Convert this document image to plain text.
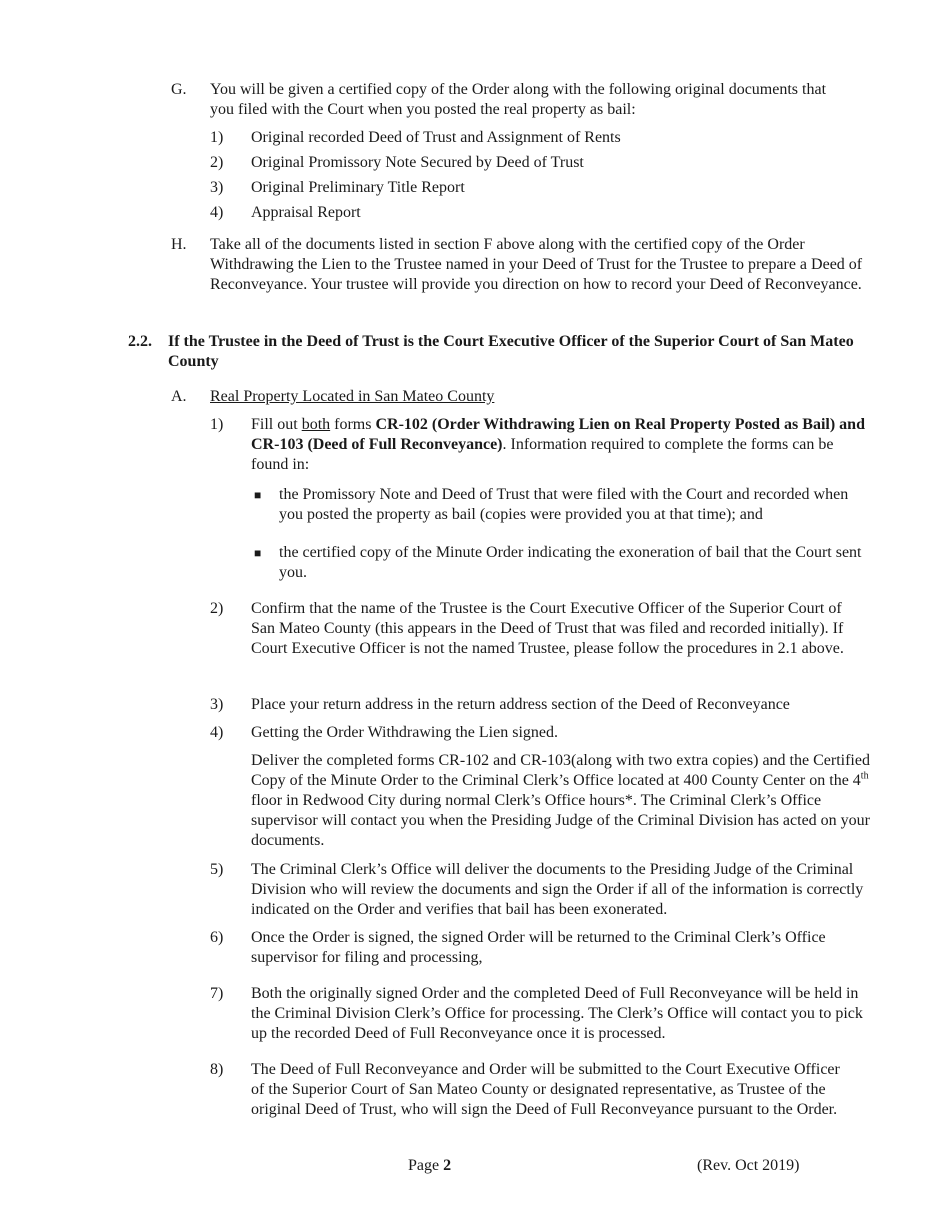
G. You will be given a certified copy of the Order along with the following original documents that you filed with the Court when you posted the real property as bail:
1) Original recorded Deed of Trust and Assignment of Rents
2) Original Promissory Note Secured by Deed of Trust
3) Original Preliminary Title Report
4) Appraisal Report
H. Take all of the documents listed in section F above along with the certified copy of the Order Withdrawing the Lien to the Trustee named in your Deed of Trust for the Trustee to prepare a Deed of Reconveyance. Your trustee will provide you direction on how to record your Deed of Reconveyance.
2.2. If the Trustee in the Deed of Trust is the Court Executive Officer of the Superior Court of San Mateo County
A. Real Property Located in San Mateo County
1) Fill out both forms CR-102 (Order Withdrawing Lien on Real Property Posted as Bail) and CR-103 (Deed of Full Reconveyance). Information required to complete the forms can be found in:
■ the Promissory Note and Deed of Trust that were filed with the Court and recorded when you posted the property as bail (copies were provided you at that time); and
■ the certified copy of the Minute Order indicating the exoneration of bail that the Court sent you.
2) Confirm that the name of the Trustee is the Court Executive Officer of the Superior Court of San Mateo County (this appears in the Deed of Trust that was filed and recorded initially). If Court Executive Officer is not the named Trustee, please follow the procedures in 2.1 above.
3) Place your return address in the return address section of the Deed of Reconveyance
4) Getting the Order Withdrawing the Lien signed.
Deliver the completed forms CR-102 and CR-103(along with two extra copies) and the Certified Copy of the Minute Order to the Criminal Clerk’s Office located at 400 County Center on the 4th floor in Redwood City during normal Clerk’s Office hours*. The Criminal Clerk’s Office supervisor will contact you when the Presiding Judge of the Criminal Division has acted on your documents.
5) The Criminal Clerk’s Office will deliver the documents to the Presiding Judge of the Criminal Division who will review the documents and sign the Order if all of the information is correctly indicated on the Order and verifies that bail has been exonerated.
6) Once the Order is signed, the signed Order will be returned to the Criminal Clerk’s Office supervisor for filing and processing,
7) Both the originally signed Order and the completed Deed of Full Reconveyance will be held in the Criminal Division Clerk’s Office for processing. The Clerk’s Office will contact you to pick up the recorded Deed of Full Reconveyance once it is processed.
8) The Deed of Full Reconveyance and Order will be submitted to the Court Executive Officer of the Superior Court of San Mateo County or designated representative, as Trustee of the original Deed of Trust, who will sign the Deed of Full Reconveyance pursuant to the Order.
Page 2	(Rev. Oct 2019)
